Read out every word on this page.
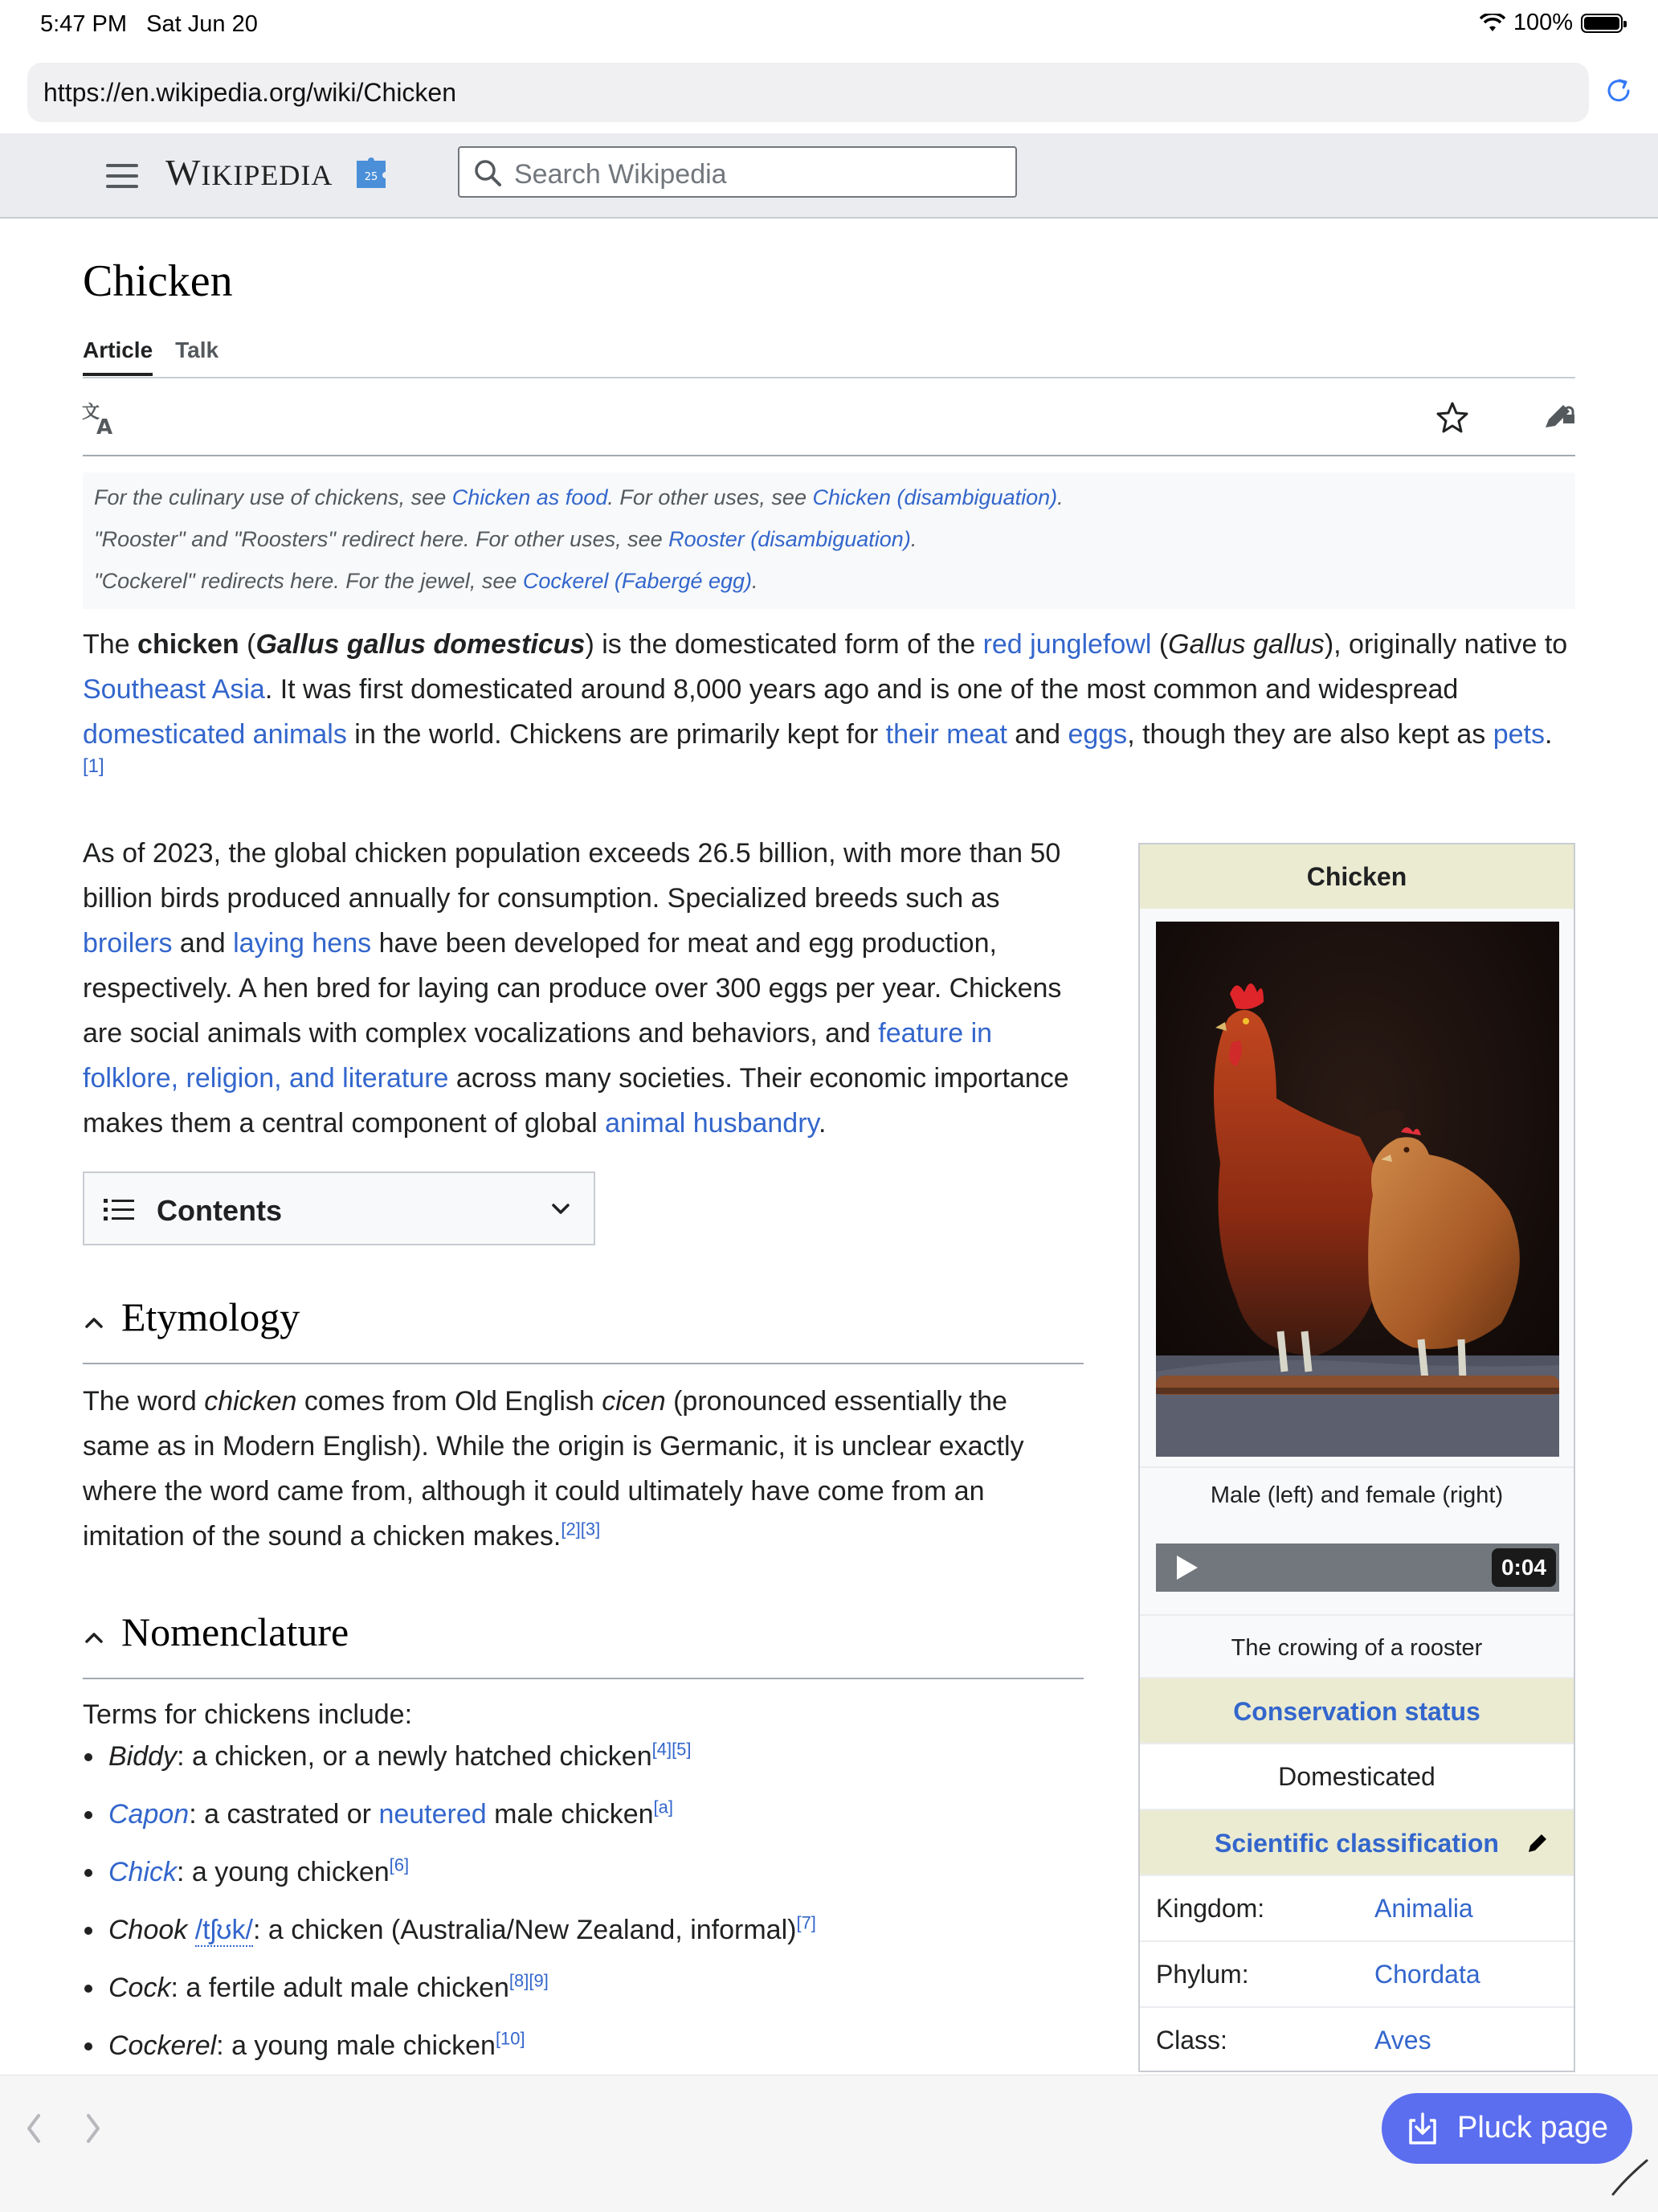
5:47 PM Sat Jun 20	100%
https://en.wikipedia.org/wiki/Chicken
WIKIPEDIA	25	Search Wikipedia
Chicken
Article Talk
文
A
For the culinary use of chickens, see Chicken as food. For other uses, see Chicken (disambiguation).
"Rooster" and "Roosters" redirect here. For other uses, see Rooster (disambiguation).
"Cockerel" redirects here. For the jewel, see Cockerel (Fabergé egg).
The chicken (Gallus gallus domesticus) is the domesticated form of the red junglefowl (Gallus gallus), originally native to
Southeast Asia. It was first domesticated around 8,000 years ago and is one of the most common and widespread
domesticated animals in the world. Chickens are primarily kept for their meat and eggs, though they are also kept as pets.
[1]
As of 2023, the global chicken population exceeds 26.5 billion, with more than 50
billion birds produced annually for consumption. Specialized breeds such as
broilers and laying hens have been developed for meat and egg production,
respectively. A hen bred for laying can produce over 300 eggs per year. Chickens
are social animals with complex vocalizations and behaviors, and feature in
folklore, religion, and literature across many societies. Their economic importance
makes them a central component of global animal husbandry.
Contents
Etymology
The word chicken comes from Old English cicen (pronounced essentially the
same as in Modern English). While the origin is Germanic, it is unclear exactly
where the word came from, although it could ultimately have come from an
imitation of the sound a chicken makes.[2][3]
Nomenclature
Terms for chickens include:
Biddy: a chicken, or a newly hatched chicken[4][5]
Capon: a castrated or neutered male chicken[a]
Chick: a young chicken[6]
Chook /tʃʊk/: a chicken (Australia/New Zealand, informal)[7]
Cock: a fertile adult male chicken[8][9]
Cockerel: a young male chicken[10]
Chicken
Male (left) and female (right)
0:04
The crowing of a rooster
Conservation status
Domesticated
Scientific classification
Kingdom:	Animalia
Phylum:	Chordata
Class:	Aves
Pluck page
